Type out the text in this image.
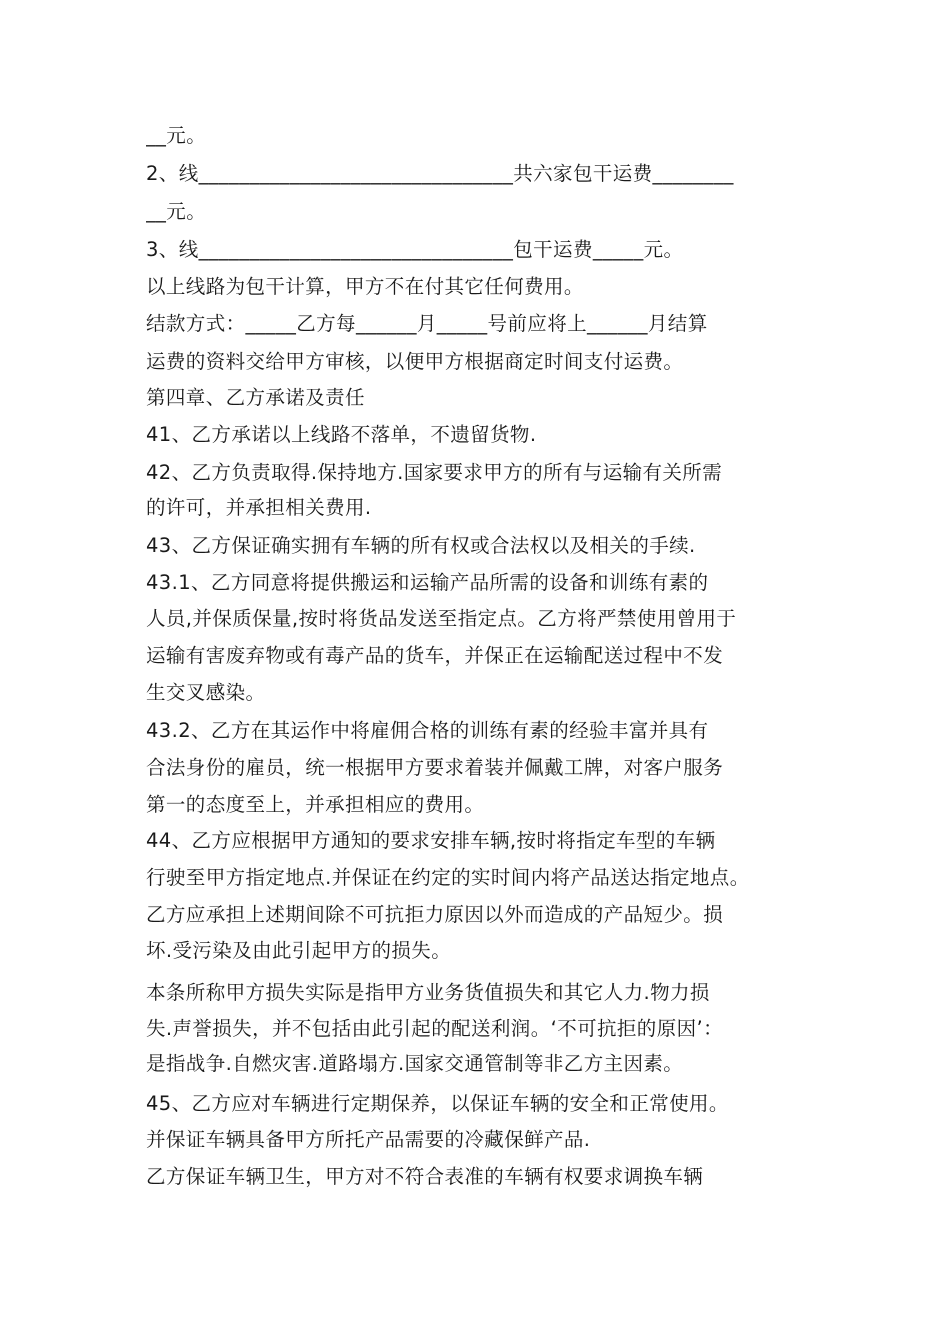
__元。
2、线_______________________________共六家包干运费________
__元。
3、线_______________________________包干运费_____元。
以上线路为包干计算，甲方不在付其它任何费用。
结款方式：_____乙方每______月_____号前应将上______月结算
运费的资料交给甲方审核，以便甲方根据商定时间支付运费。
第四章、乙方承诺及责任
41、乙方承诺以上线路不落单，不遗留货物.
42、乙方负责取得.保持地方.国家要求甲方的所有与运输有关所需
的许可，并承担相关费用.
43、乙方保证确实拥有车辆的所有权或合法权以及相关的手续.
43.1、乙方同意将提供搬运和运输产品所需的设备和训练有素的
人员,并保质保量,按时将货品发送至指定点。乙方将严禁使用曾用于
运输有害废弃物或有毒产品的货车，并保正在运输配送过程中不发
生交叉感染。
43.2、乙方在其运作中将雇佣合格的训练有素的经验丰富并具有
合法身份的雇员，统一根据甲方要求着装并佩戴工牌，对客户服务
第一的态度至上，并承担相应的费用。
44、乙方应根据甲方通知的要求安排车辆,按时将指定车型的车辆
行驶至甲方指定地点.并保证在约定的实时间内将产品送达指定地点。
乙方应承担上述期间除不可抗拒力原因以外而造成的产品短少。损
坏.受污染及由此引起甲方的损失。
本条所称甲方损失实际是指甲方业务货值损失和其它人力.物力损
失.声誉损失，并不包括由此引起的配送利润。‘不可抗拒的原因’：
是指战争.自燃灾害.道路塌方.国家交通管制等非乙方主因素。
45、乙方应对车辆进行定期保养，以保证车辆的安全和正常使用。
并保证车辆具备甲方所托产品需要的冷藏保鲜产品.
乙方保证车辆卫生，甲方对不符合表准的车辆有权要求调换车辆
